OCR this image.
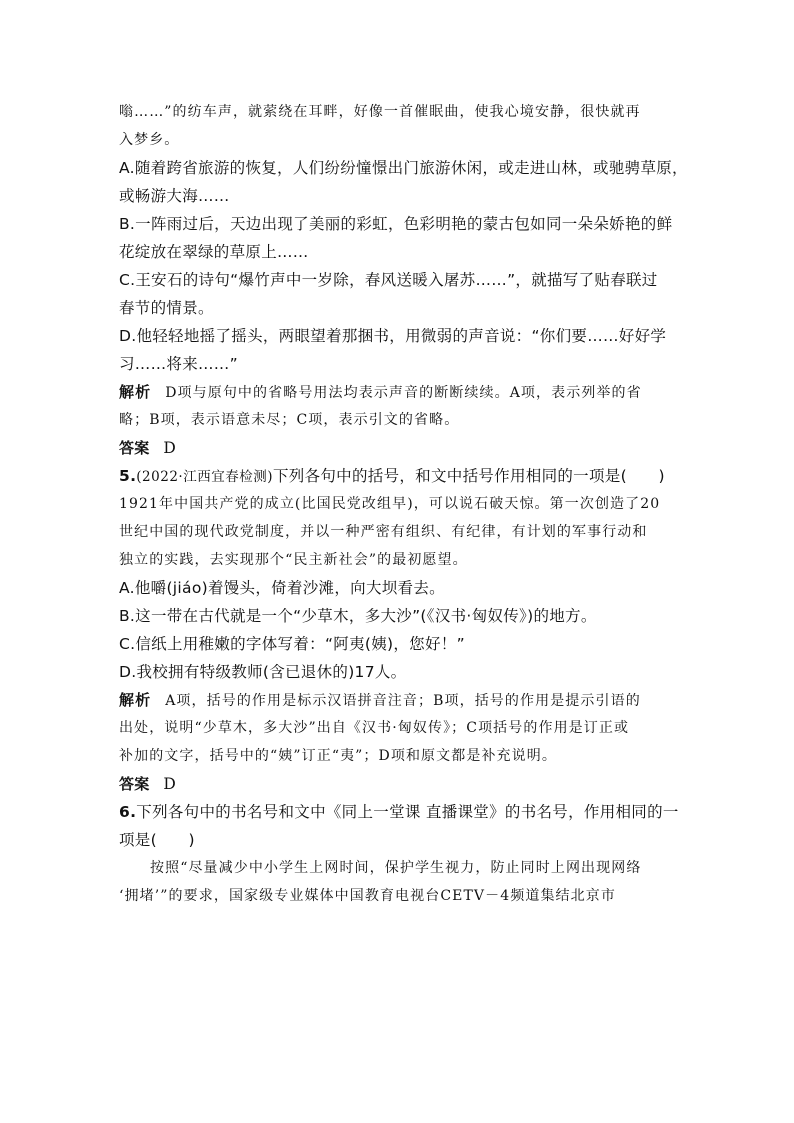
嗡……”的纺车声，就萦绕在耳畔，好像一首催眠曲，使我心境安静，很快就再
入梦乡。
A.随着跨省旅游的恢复，人们纷纷憧憬出门旅游休闲，或走进山林，或驰骋草原，
或畅游大海……
B.一阵雨过后，天边出现了美丽的彩虹，色彩明艳的蒙古包如同一朵朵娇艳的鲜
花绽放在翠绿的草原上……
C.王安石的诗句“爆竹声中一岁除，春风送暖入屠苏……”，就描写了贴春联过
春节的情景。
D.他轻轻地摇了摇头，两眼望着那捆书，用微弱的声音说：“你们要……好好学
习……将来……”
解析 D项与原句中的省略号用法均表示声音的断断续续。A项，表示列举的省
略；B项，表示语意未尽；C项，表示引文的省略。
答案 D
5.(2022·江西宜春检测)下列各句中的括号，和文中括号作用相同的一项是(　　)
1921年中国共产党的成立(比国民党改组早)，可以说石破天惊。第一次创造了20
世纪中国的现代政党制度，并以一种严密有组织、有纪律，有计划的军事行动和
独立的实践，去实现那个“民主新社会”的最初愿望。
A.他嚼(jiáo)着馒头，倚着沙滩，向大坝看去。
B.这一带在古代就是一个“少草木，多大沙”(《汉书·匈奴传》)的地方。
C.信纸上用稚嫩的字体写着：“阿夷(姨)，您好！”
D.我校拥有特级教师(含已退休的)17人。
解析 A项，括号的作用是标示汉语拼音注音；B项，括号的作用是提示引语的
出处，说明“少草木，多大沙”出自《汉书·匈奴传》；C项括号的作用是订正或
补加的文字，括号中的“姨”订正“夷”；D项和原文都是补充说明。
答案 D
6.下列各句中的书名号和文中《同上一堂课 直播课堂》的书名号，作用相同的一
项是(　　)
按照“尽量减少中小学生上网时间，保护学生视力，防止同时上网出现网络
‘拥堵’”的要求，国家级专业媒体中国教育电视台CETV－4频道集结北京市
